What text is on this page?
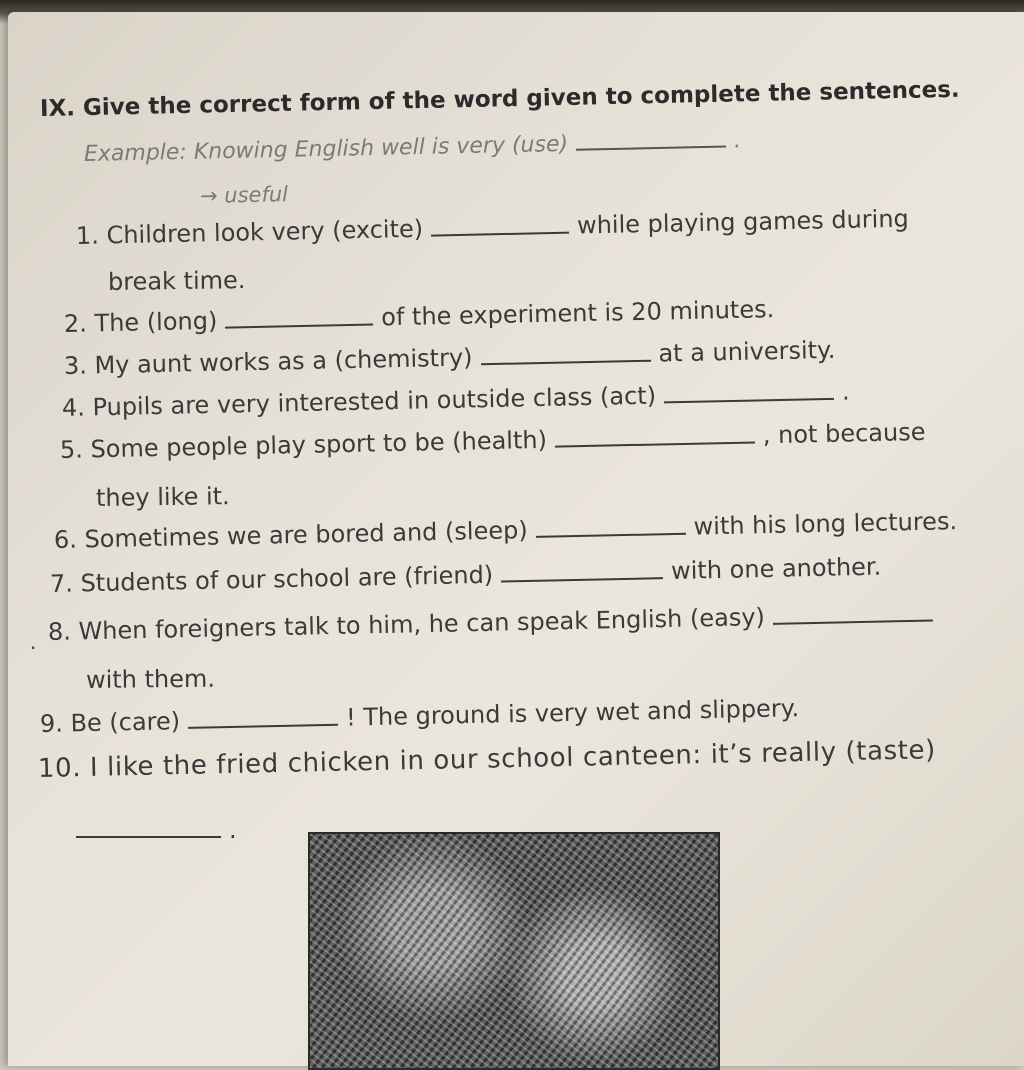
IX. Give the correct form of the word given to complete the sentences.
Example: Knowing English well is very (use)	.
→ useful
1. Children look very (excite)	while playing games during
break time.
2. The (long)	of the experiment is 20 minutes.
3. My aunt works as a (chemistry)	at a university.
4. Pupils are very interested in outside class (act)	.
5. Some people play sport to be (health)	, not because
they like it.
6. Sometimes we are bored and (sleep)	with his long lectures.
7. Students of our school are (friend)	with one another.
·
8. When foreigners talk to him, he can speak English (easy)
with them.
9. Be (care)	! The ground is very wet and slippery.
10. I like the fried chicken in our school canteen: it’s really (taste)
.
